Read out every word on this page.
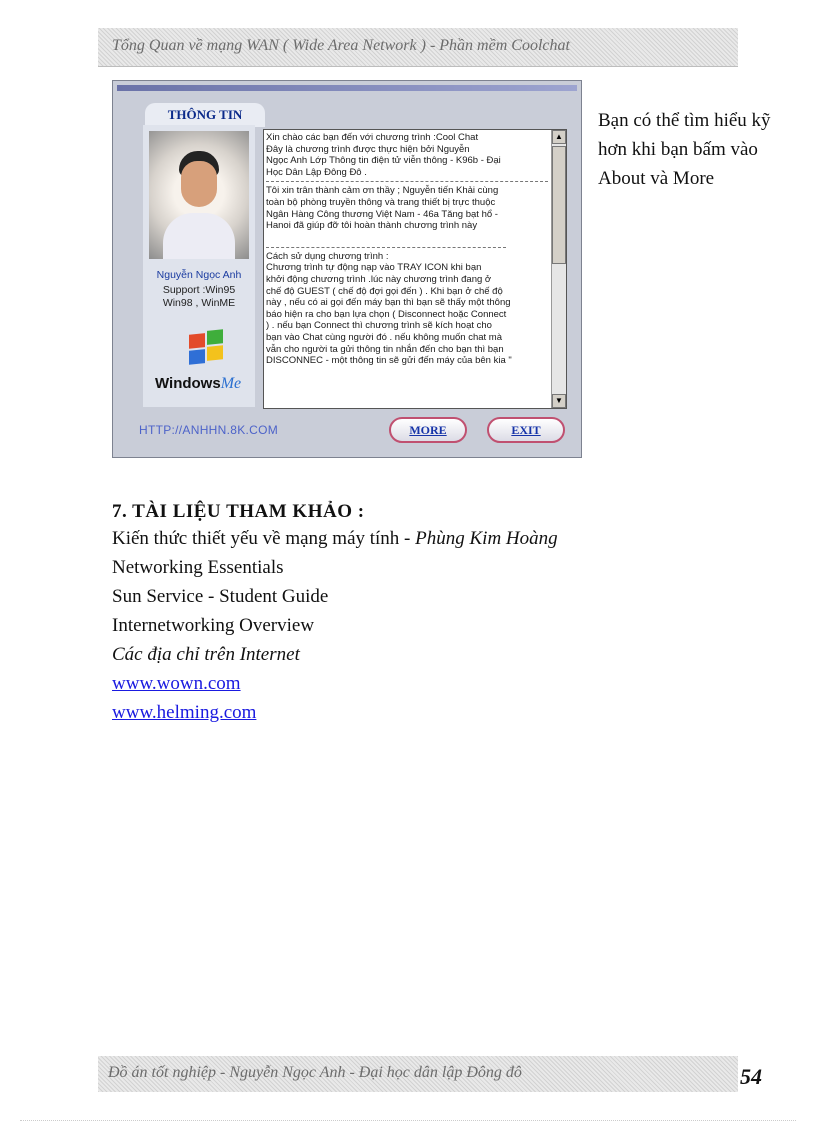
Tổng Quan về mạng WAN ( Wide Area Network ) - Phần mềm Coolchat
THÔNG TIN
Nguyễn Ngọc Anh
Support :Win95
Win98 , WinME
WindowsMe

Xin chào các bạn đến với chương trình :Cool Chat

Đây là chương trình được thực hiện bởi Nguyễn

Ngọc Anh Lớp Thông tin điện tử viễn thông - K96b - Đại

Học Dân Lập Đông Đô .

Tôi xin trân thành cảm ơn thầy ; Nguyễn tiến Khải cùng

toàn bộ phòng truyền thông và trang thiết bị trực thuộc

Ngân Hàng Công thương Việt Nam - 46a Tăng bạt hổ -

Hanoi đã giúp đỡ tôi hoàn thành chương trình này

Cách sử dụng chương trình :

Chương trình tự động nạp vào TRAY ICON khi bạn

khởi động chương trình .lúc này chương trình đang ở

chế độ GUEST ( chế độ đợi gọi đến ) . Khi bạn ở chế độ

này , nếu có ai gọi đến máy bạn thì bạn sẽ thấy một thông

báo hiện ra cho bạn lựa chọn ( Disconnect hoặc Connect

) . nếu bạn Connect thì chương trình sẽ kích hoạt cho

bạn vào Chat cùng người đó . nếu không muốn chat mà

vẫn cho người ta gửi thông tin nhắn đến cho bạn thì bạn

DISCONNEC - một thông tin sẽ gửi đến máy của bên kia "

▲
▼
HTTP://ANHHN.8K.COM	MORE	EXIT
Bạn có thể tìm hiểu kỹ hơn khi bạn bấm vào About và More
7. TÀI LIỆU THAM KHẢO :
Kiến thức thiết yếu về mạng máy tính - Phùng Kim Hoàng
Networking Essentials
Sun Service - Student Guide
Internetworking Overview
Các địa chỉ trên Internet
www.wown.com
www.helming.com
Đồ án tốt nghiệp - Nguyễn Ngọc Anh - Đại học dân lập Đông đô	54
